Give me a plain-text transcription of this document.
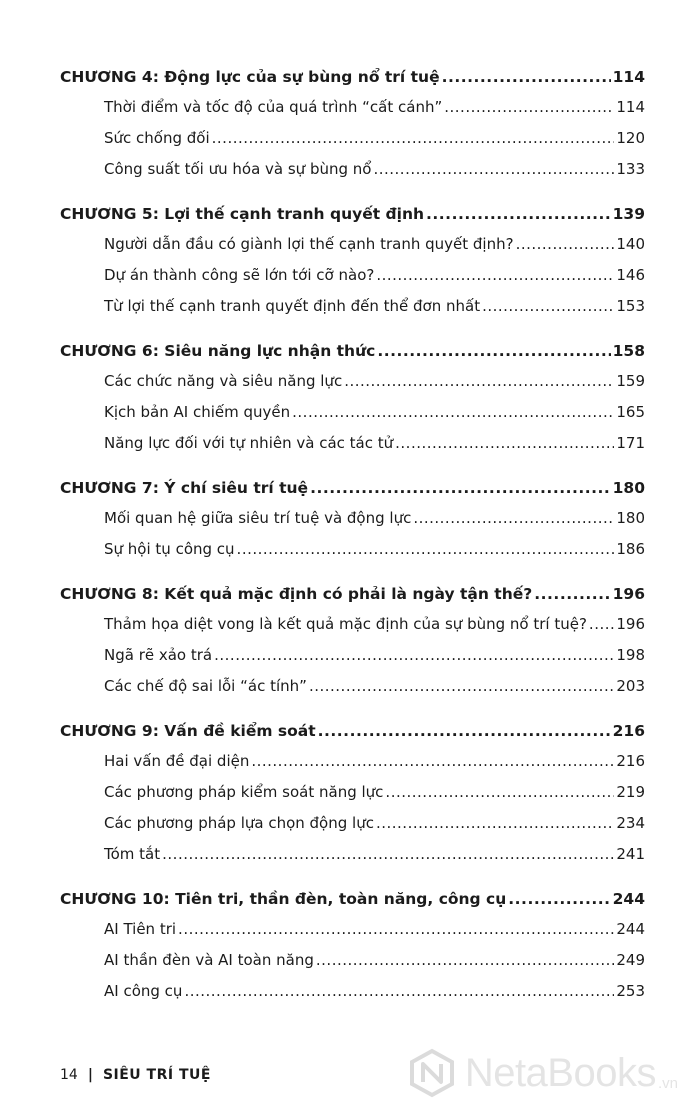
CHƯƠNG 4: Động lực của sự bùng nổ trí tuệ .....	114
Thời điểm và tốc độ của quá trình “cất cánh” .....	114
Sức chống đối .....	120
Công suất tối ưu hóa và sự bùng nổ .....	133
CHƯƠNG 5: Lợi thế cạnh tranh quyết định .....	139
Người dẫn đầu có giành lợi thế cạnh tranh quyết định? .....	140
Dự án thành công sẽ lớn tới cỡ nào? .....	146
Từ lợi thế cạnh tranh quyết định đến thể đơn nhất .....	153
CHƯƠNG 6: Siêu năng lực nhận thức .....	158
Các chức năng và siêu năng lực .....	159
Kịch bản AI chiếm quyền .....	165
Năng lực đối với tự nhiên và các tác tử .....	171
CHƯƠNG 7: Ý chí siêu trí tuệ .....	180
Mối quan hệ giữa siêu trí tuệ và động lực .....	180
Sự hội tụ công cụ .....	186
CHƯƠNG 8: Kết quả mặc định có phải là ngày tận thế? .....	196
Thảm họa diệt vong là kết quả mặc định của sự bùng nổ trí tuệ? ..... 196
Ngã rẽ xảo trá .....	198
Các chế độ sai lỗi “ác tính” .....	203
CHƯƠNG 9: Vấn đề kiểm soát .....	216
Hai vấn đề đại diện .....	216
Các phương pháp kiểm soát năng lực .....	219
Các phương pháp lựa chọn động lực .....	234
Tóm tắt .....	241
CHƯƠNG 10: Tiên tri, thần đèn, toàn năng, công cụ .....	244
AI Tiên tri .....	244
AI thần đèn và AI toàn năng .....	249
AI công cụ .....	253
14 | SIÊU TRÍ TUỆ	NetaBooks .vn
